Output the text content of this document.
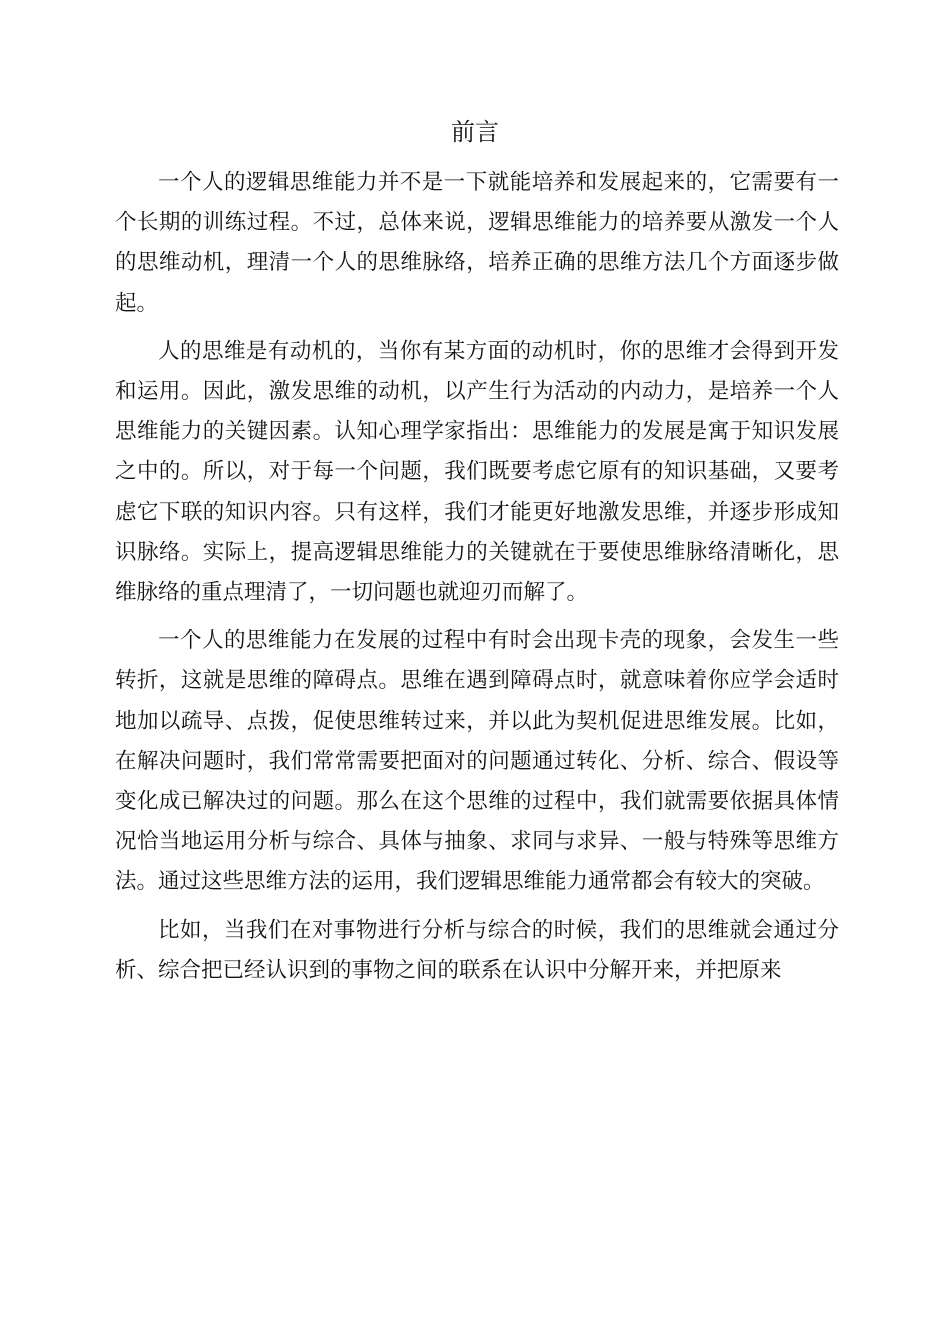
前言

一个人的逻辑思维能力并不是一下就能培养和发展起来的，它需要有一个长期的训练过程。不过，总体来说，逻辑思维能力的培养要从激发一个人的思维动机，理清一个人的思维脉络，培养正确的思维方法几个方面逐步做起。

人的思维是有动机的，当你有某方面的动机时，你的思维才会得到开发和运用。因此，激发思维的动机，以产生行为活动的内动力，是培养一个人思维能力的关键因素。认知心理学家指出：思维能力的发展是寓于知识发展之中的。所以，对于每一个问题，我们既要考虑它原有的知识基础，又要考虑它下联的知识内容。只有这样，我们才能更好地激发思维，并逐步形成知识脉络。实际上，提高逻辑思维能力的关键就在于要使思维脉络清晰化，思维脉络的重点理清了，一切问题也就迎刃而解了。

一个人的思维能力在发展的过程中有时会出现卡壳的现象，会发生一些转折，这就是思维的障碍点。思维在遇到障碍点时，就意味着你应学会适时地加以疏导、点拨，促使思维转过来，并以此为契机促进思维发展。比如，在解决问题时，我们常常需要把面对的问题通过转化、分析、综合、假设等变化成已解决过的问题。那么在这个思维的过程中，我们就需要依据具体情况恰当地运用分析与综合、具体与抽象、求同与求异、一般与特殊等思维方法。通过这些思维方法的运用，我们逻辑思维能力通常都会有较大的突破。

比如，当我们在对事物进行分析与综合的时候，我们的思维就会通过分析、综合把已经认识到的事物之间的联系在认识中分解开来，并把原来
